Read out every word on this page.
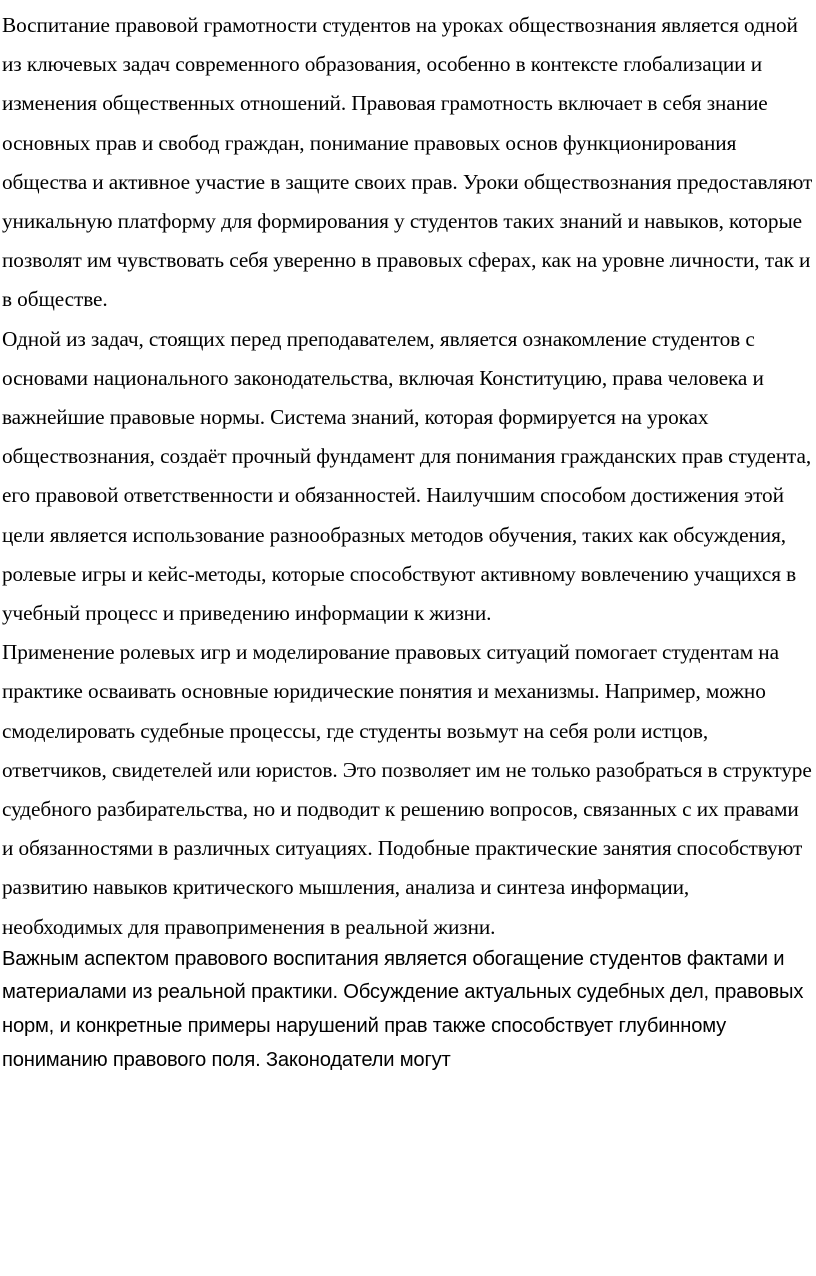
Воспитание правовой грамотности студентов на уроках обществознания является одной из ключевых задач современного образования, особенно в контексте глобализации и изменения общественных отношений. Правовая грамотность включает в себя знание основных прав и свобод граждан, понимание правовых основ функционирования общества и активное участие в защите своих прав. Уроки обществознания предоставляют уникальную платформу для формирования у студентов таких знаний и навыков, которые позволят им чувствовать себя уверенно в правовых сферах, как на уровне личности, так и в обществе.

Одной из задач, стоящих перед преподавателем, является ознакомление студентов с основами национального законодательства, включая Конституцию, права человека и важнейшие правовые нормы. Система знаний, которая формируется на уроках обществознания, создаёт прочный фундамент для понимания гражданских прав студента, его правовой ответственности и обязанностей. Наилучшим способом достижения этой цели является использование разнообразных методов обучения, таких как обсуждения, ролевые игры и кейс-методы, которые способствуют активному вовлечению учащихся в учебный процесс и приведению информации к жизни.

Применение ролевых игр и моделирование правовых ситуаций помогает студентам на практике осваивать основные юридические понятия и механизмы. Например, можно смоделировать судебные процессы, где студенты возьмут на себя роли истцов, ответчиков, свидетелей или юристов. Это позволяет им не только разобраться в структуре судебного разбирательства, но и подводит к решению вопросов, связанных с их правами и обязанностями в различных ситуациях. Подобные практические занятия способствуют развитию навыков критического мышления, анализа и синтеза информации, необходимых для правоприменения в реальной жизни.

Важным аспектом правового воспитания является обогащение студентов фактами и материалами из реальной практики. Обсуждение актуальных судебных дел, правовых норм, и конкретные примеры нарушений прав также способствует глубинному пониманию правового поля. Законодатели могут
